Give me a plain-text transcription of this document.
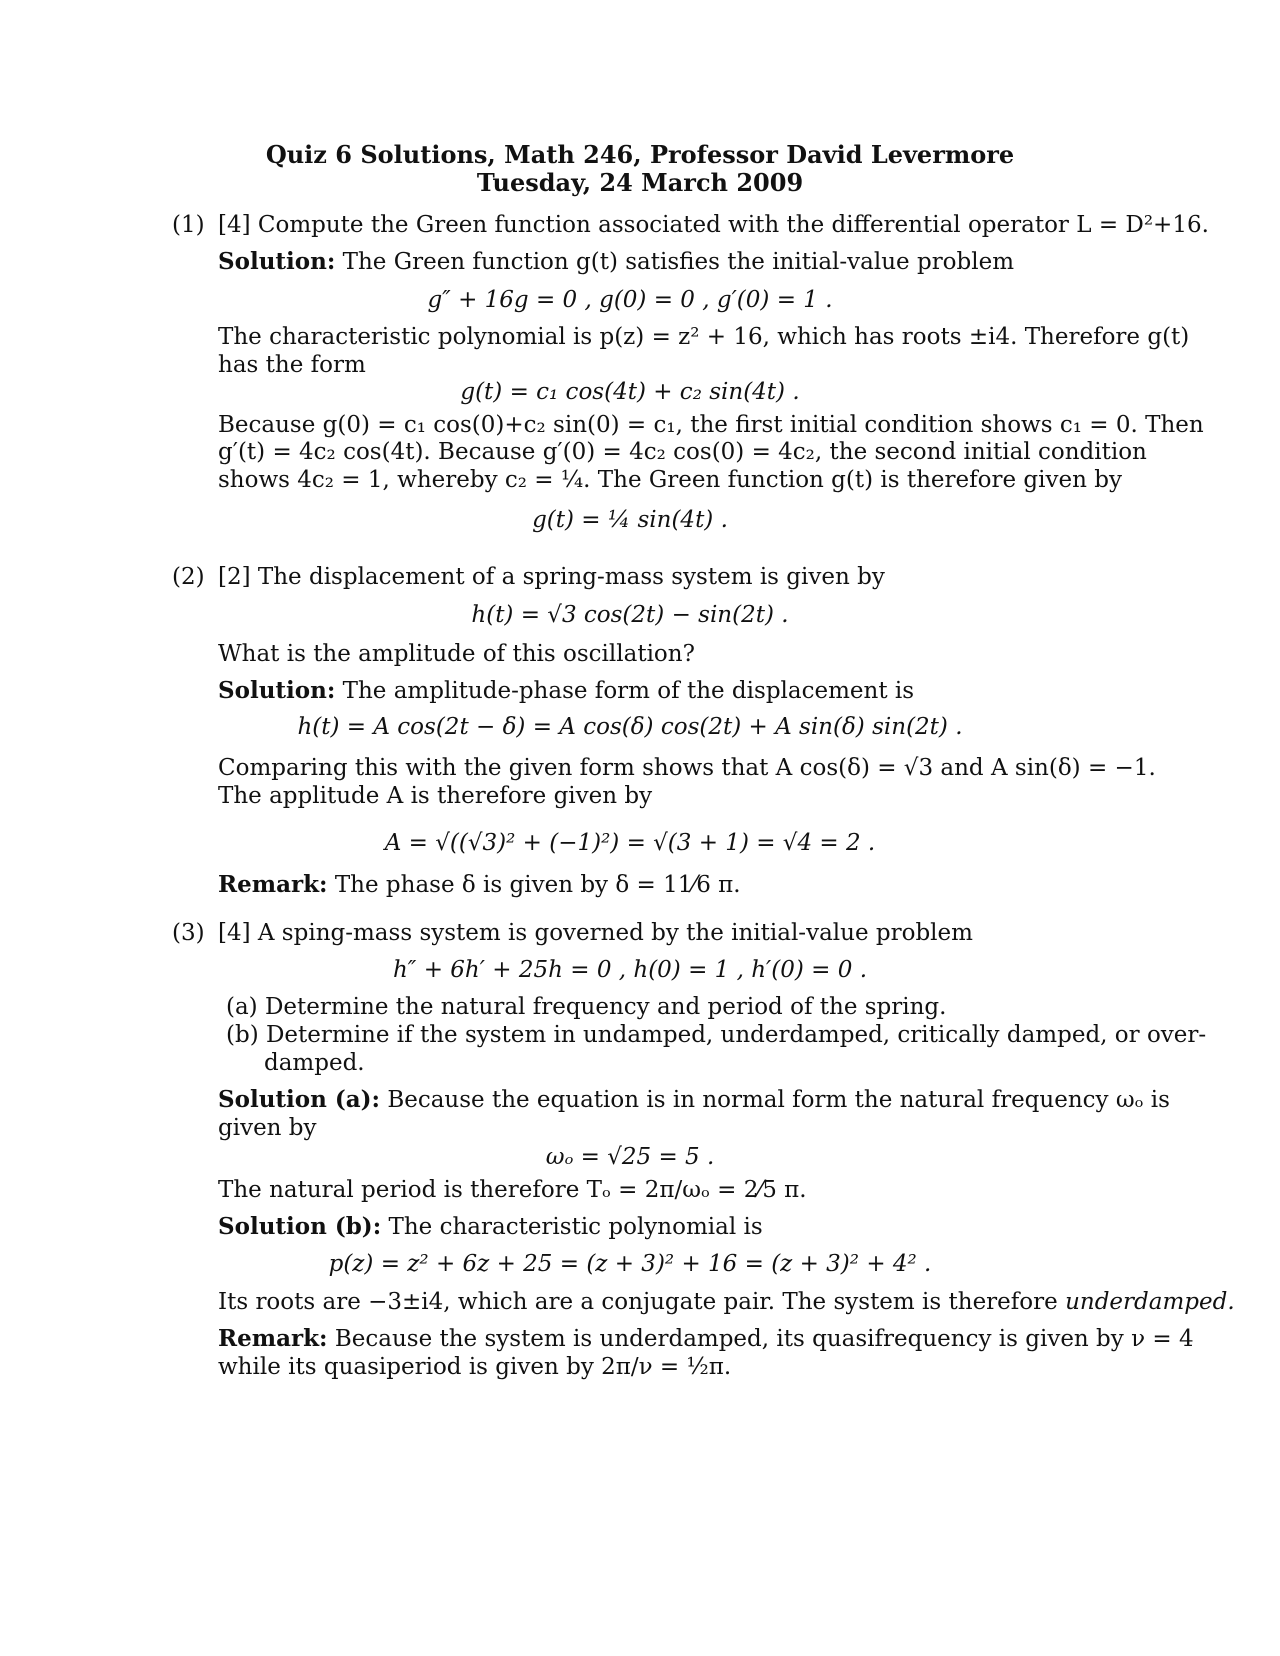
Quiz 6 Solutions, Math 246, Professor David Levermore
Tuesday, 24 March 2009
(1) [4] Compute the Green function associated with the differential operator L = D²+16.
Solution: The Green function g(t) satisfies the initial-value problem
g″ + 16g = 0 , g(0) = 0 , g′(0) = 1 .
The characteristic polynomial is p(z) = z² + 16, which has roots ±i4. Therefore g(t)
has the form
g(t) = c₁ cos(4t) + c₂ sin(4t) .
Because g(0) = c₁ cos(0)+c₂ sin(0) = c₁, the first initial condition shows c₁ = 0. Then
g′(t) = 4c₂ cos(4t). Because g′(0) = 4c₂ cos(0) = 4c₂, the second initial condition
shows 4c₂ = 1, whereby c₂ = ¼. The Green function g(t) is therefore given by
g(t) = ¼ sin(4t) .
(2) [2] The displacement of a spring-mass system is given by
h(t) = √3 cos(2t) − sin(2t) .
What is the amplitude of this oscillation?
Solution: The amplitude-phase form of the displacement is
h(t) = A cos(2t − δ) = A cos(δ) cos(2t) + A sin(δ) sin(2t) .
Comparing this with the given form shows that A cos(δ) = √3 and A sin(δ) = −1.
The applitude A is therefore given by
A = √((√3)² + (−1)²) = √(3 + 1) = √4 = 2 .
Remark: The phase δ is given by δ = 11⁄6 π.
(3) [4] A sping-mass system is governed by the initial-value problem
h″ + 6h′ + 25h = 0 , h(0) = 1 , h′(0) = 0 .
(a) Determine the natural frequency and period of the spring.
(b) Determine if the system in undamped, underdamped, critically damped, or over-
damped.
Solution (a): Because the equation is in normal form the natural frequency ωₒ is
given by
ωₒ = √25 = 5 .
The natural period is therefore Tₒ = 2π/ωₒ = 2⁄5 π.
Solution (b): The characteristic polynomial is
p(z) = z² + 6z + 25 = (z + 3)² + 16 = (z + 3)² + 4² .
Its roots are −3±i4, which are a conjugate pair. The system is therefore underdamped.
Remark: Because the system is underdamped, its quasifrequency is given by ν = 4
while its quasiperiod is given by 2π/ν = ½π.
